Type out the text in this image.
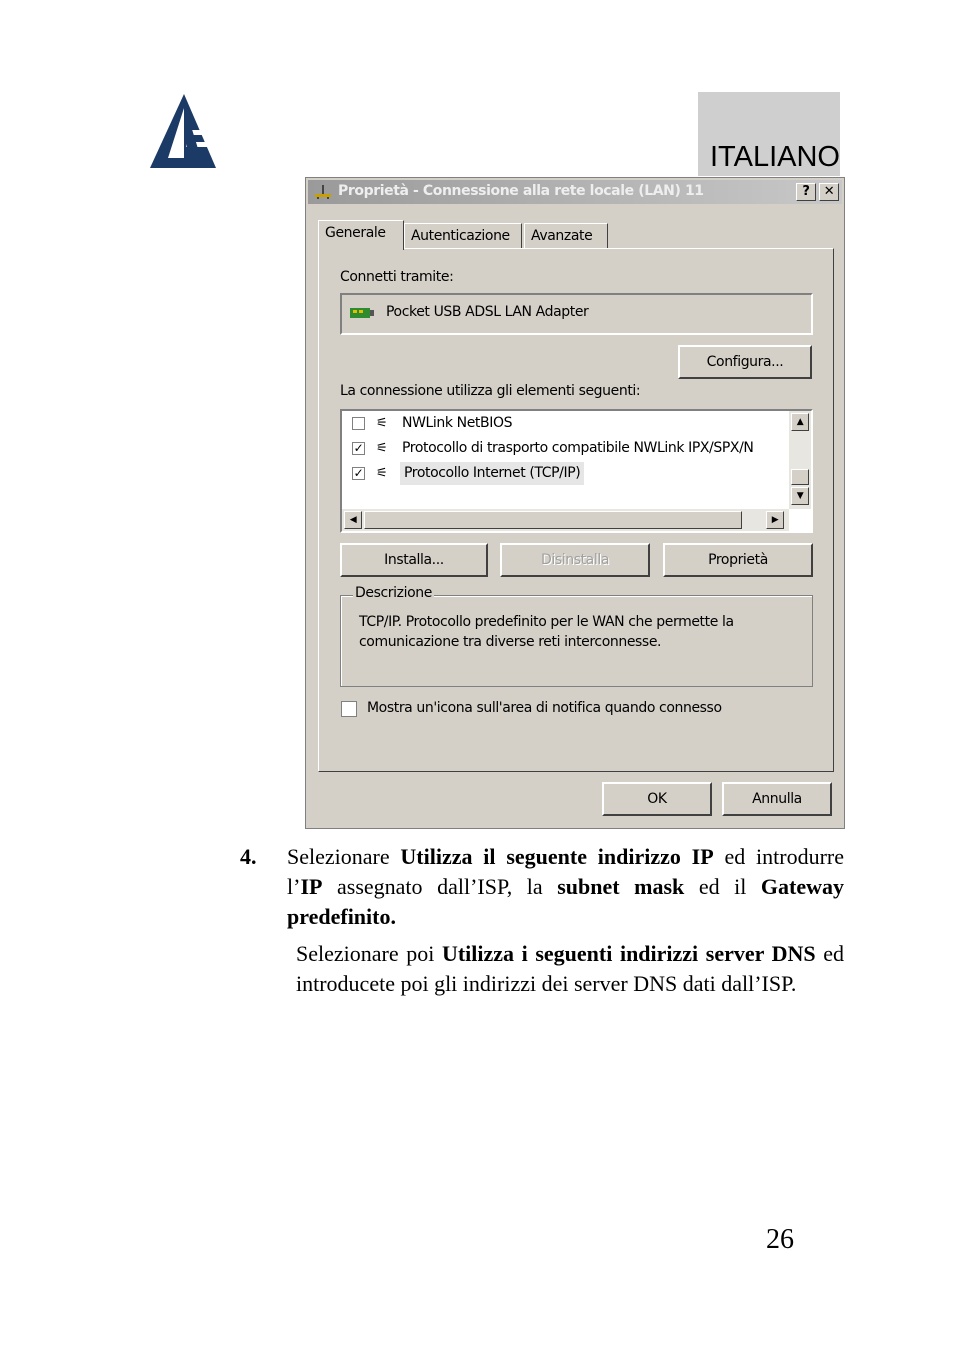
ITALIANO
Proprietà - Connessione alla rete locale (LAN) 11	?	✕
Generale	Autenticazione	Avanzate
Connetti tramite:
Pocket USB ADSL LAN Adapter
Configura...
La connessione utilizza gli elementi seguenti:
⚟ NWLink NetBIOS
✓ ⚟ Protocollo di trasporto compatibile NWLink IPX/SPX/N
✓ ⚟ Protocollo Internet (TCP/IP)
▲
▼
◀	▶
Installa...	Disinstalla	Proprietà
Descrizione
TCP/IP. Protocollo predefinito per le WAN che permette la comunicazione tra diverse reti interconnesse.
Mostra un'icona sull'area di notifica quando connesso
OK	Annulla
4. Selezionare Utilizza il seguente indirizzo IP ed introdurre l’IP assegnato dall’ISP, la subnet mask ed il Gateway predefinito.
Selezionare poi Utilizza i seguenti indirizzi server DNS ed introducete poi gli indirizzi dei server DNS dati dall’ISP.
26
